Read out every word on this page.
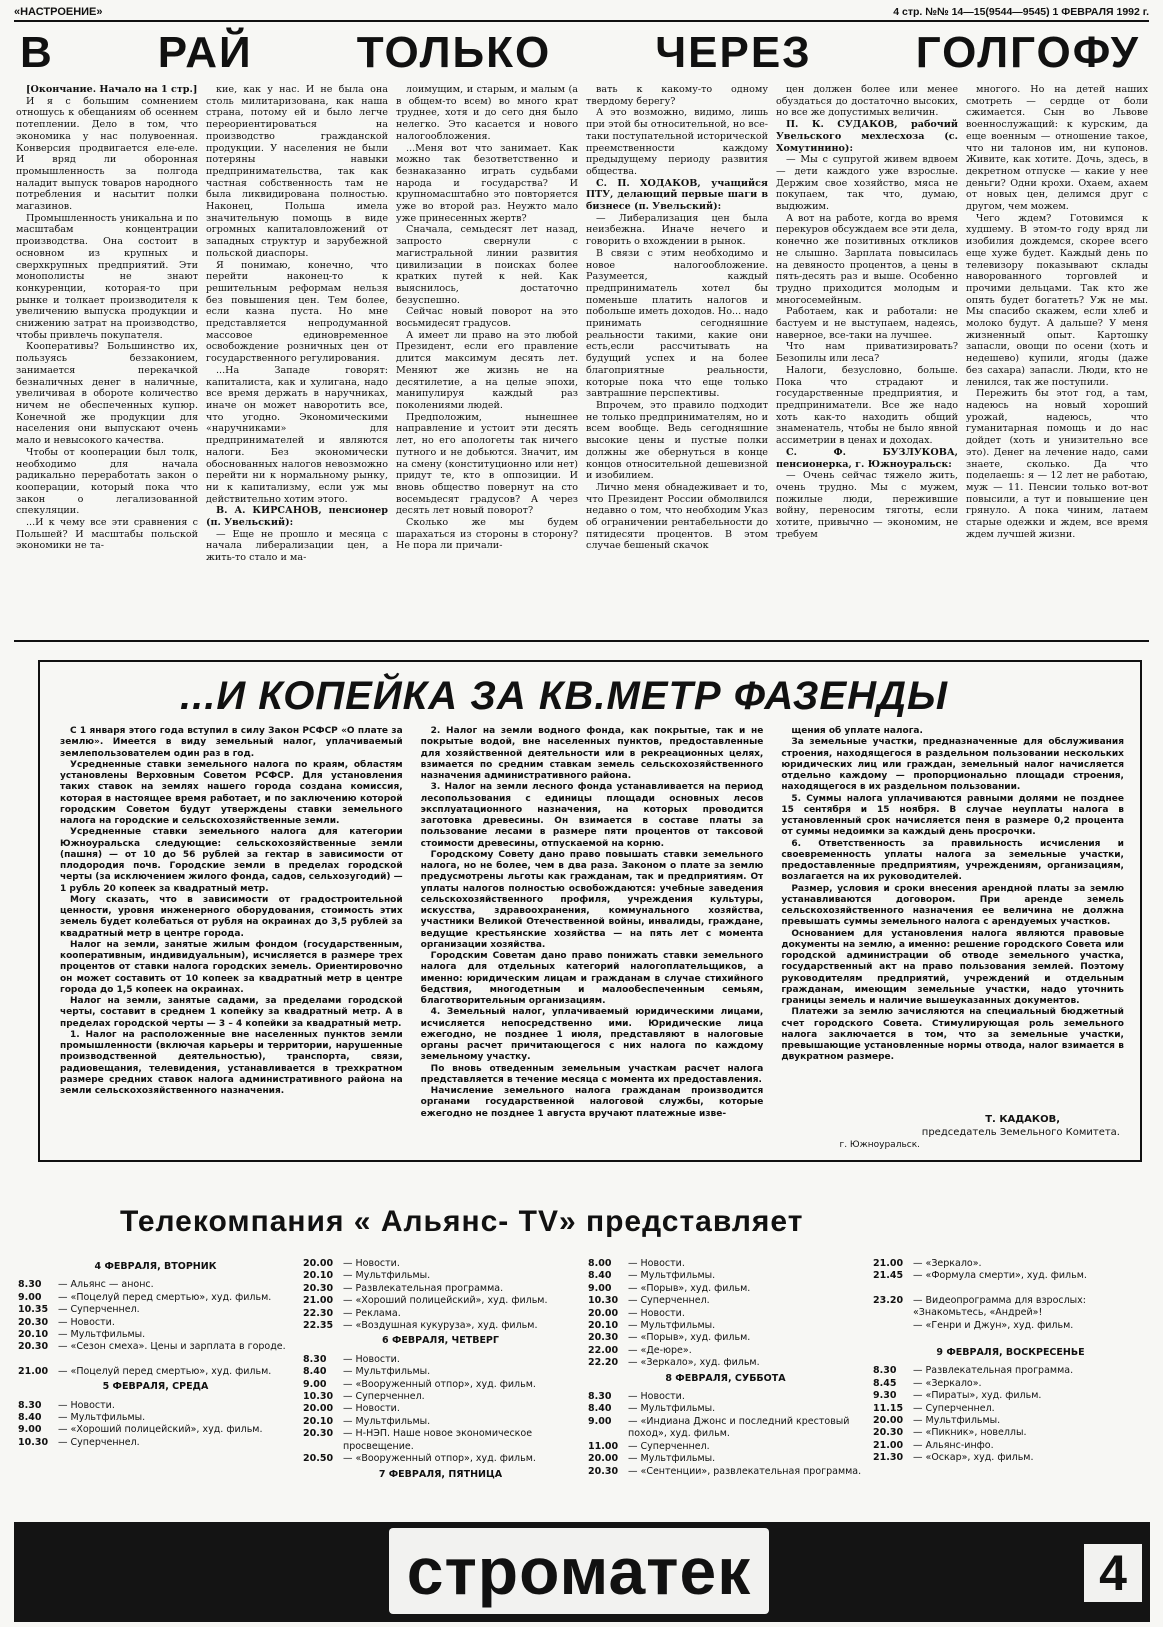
«НАСТРОЕНИЕ»	4 стр. №№ 14—15(9544—9545) 1 ФЕВРАЛЯ 1992 г.
В РАЙ ТОЛЬКО ЧЕРЕЗ ГОЛГОФУ

[Окончание. Начало на 1 стр.]

И я с большим сомнением отношусь к обещаниям об осеннем потеплении. Дело в том, что экономика у нас полувоенная. Конверсия продвигается еле-еле. И вряд ли оборонная промышленность за полгода наладит выпуск товаров народного потребления и насытит полки магазинов.

Промышленность уникальна и по масштабам концентрации производства. Она состоит в основном из крупных и сверхкрупных предприятий. Эти монополисты не знают конкуренции, которая-то при рынке и толкает производителя к увеличению выпуска продукции и снижению затрат на производство, чтобы привлечь покупателя.

Кооперативы? Большинство их, пользуясь беззаконием, занимается перекачкой безналичных денег в наличные, увеличивая в обороте количество ничем не обеспеченных купюр. Конечной же продукции для населения они выпускают очень мало и невысокого качества.

Чтобы от кооперации был толк, необходимо для начала радикально переработать закон о кооперации, который пока что закон о легализованной спекуляции.

...И к чему все эти сравнения с Польшей? И масштабы польской экономики не та-

кие, как у нас. И не была она столь милитаризована, как наша страна, потому ей и было легче переориентироваться на производство гражданской продукции. У населения не были потеряны навыки предпринимательства, так как частная собственность там не была ликвидирована полностью. Наконец, Польша имела значительную помощь в виде огромных капиталовложений от западных структур и зарубежной польской диаспоры.

Я понимаю, конечно, что перейти наконец-то к решительным реформам нельзя без повышения цен. Тем более, если казна пуста. Но мне представляется непродуманной массовое единовременное освобождение розничных цен от государственного регулирования.

...На Западе говорят: капиталиста, как и хулигана, надо все время держать в наручниках, иначе он может наворотить все, что угодно. Экономическими «наручниками» для предпринимателей и являются налоги. Без экономически обоснованных налогов невозможно перейти ни к нормальному рынку, ни к капитализму, если уж мы действительно хотим этого.

В. А. КИРСАНОВ, пенсионер (п. Увельский):

— Еще не прошло и месяца с начала либерализации цен, а жить-то стало и ма-

лоимущим, и старым, и малым (а в общем-то всем) во много крат труднее, хотя и до сего дня было нелегко. Это касается и нового налогообложения.

...Меня вот что занимает. Как можно так безответственно и безнаказанно играть судьбами народа и государства? И крупномасштабно это повторяется уже во второй раз. Неужто мало уже принесенных жертв?

Сначала, семьдесят лет назад, запросто свернули с магистральной линии развития цивилизации в поисках более кратких путей к ней. Как выяснилось, достаточно безуспешно.

Сейчас новый поворот на это восьмидесят градусов.

А имеет ли право на это любой Президент, если его правление длится максимум десять лет. Меняют же жизнь не на десятилетие, а на целые эпохи, манипулируя каждый раз поколениями людей.

Предположим, нынешнее направление и устоит эти десять лет, но его апологеты так ничего путного и не добьются. Значит, им на смену (конституционно или нет) придут те, кто в оппозиции. И вновь общество повернут на сто восемьдесят градусов? А через десять лет новый поворот?

Сколько же мы будем шарахаться из стороны в сторону? Не пора ли причали-

вать к какому-то одному твердому берегу?

А это возможно, видимо, лишь при этой бы относительной, но все-таки поступательной исторической преемственности каждому предыдущему периоду развития общества.

С. П. ХОДАКОВ, учащийся ПТУ, делающий первые шаги в бизнесе (п. Увельский):

— Либерализация цен была неизбежна. Иначе нечего и говорить о вхождении в рынок.

В связи с этим необходимо и новое налогообложение. Разумеется, каждый предприниматель хотел бы поменьше платить налогов и побольше иметь доходов. Но... надо принимать сегодняшние реальности такими, какие они есть,если рассчитывать на будущий успех и на более благоприятные реальности, которые пока что еще только завтрашние перспективы.

Впрочем, это правило подходит не только предпринимателям, но и всем вообще. Ведь сегодняшние высокие цены и пустые полки должны же обернуться в конце концов относительной дешевизной и изобилием.

Лично меня обнадеживает и то, что Президент России обмолвился недавно о том, что необходим Указ об ограничении рентабельности до пятидесяти процентов. В этом случае бешеный скачок

цен должен более или менее обуздаться до достаточно высоких, но все же допустимых величин.

П. К. СУДАКОВ, рабочий Увельского мехлесхоза (с. Хомутинино):

— Мы с супругой живем вдвоем — дети каждого уже взрослые. Держим свое хозяйство, мяса не покупаем, так что, думаю, выдюжим.

А вот на работе, когда во время перекуров обсуждаем все эти дела, конечно же позитивных откликов не слышно. Зарплата повысилась на девяносто процентов, а цены в пять-десять раз и выше. Особенно трудно приходится молодым и многосемейным.

Работаем, как и работали: не бастуем и не выступаем, надеясь, наверное, все-таки на лучшее.

Что нам приватизировать? Безопилы или леса?

Налоги, безусловно, больше. Пока что страдают и государственные предприятия, и предприниматели. Все же надо хоть как-то находить общий знаменатель, чтобы не было явной ассиметрии в ценах и доходах.

С. Ф. БУЗЛУКОВА, пенсионерка, г. Южноуральск:

— Очень сейчас тяжело жить, очень трудно. Мы с мужем, пожилые люди, пережившие войну, переносим тяготы, если хотите, привычно — экономим, не требуем

многого. Но на детей наших смотреть — сердце от боли сжимается. Сын во Львове военнослужащий: к курским, да еще военным — отношение такое, что ни талонов им, ни купонов. Живите, как хотите. Дочь, здесь, в декретном отпуске — какие у нее деньги? Одни крохи. Охаем, ахаем от новых цен, делимся друг с другом, чем можем.

Чего ждем? Готовимся к худшему. В этом-то году вряд ли изобилия дождемся, скорее всего еще хуже будет. Каждый день по телевизору показывают склады наворованного торговлей и прочими дельцами. Так кто же опять будет богатеть? Уж не мы. Мы спасибо скажем, если хлеб и молоко будут. А дальше? У меня жизненный опыт. Картошку запасли, овощи по осени (хоть и недешево) купили, ягоды (даже без сахара) запасли. Люди, кто не ленился, так же поступили.

Пережить бы этот год, а там, надеюсь на новый хороший урожай, надеюсь, что гуманитарная помощь и до нас дойдет (хоть и унизительно все это). Денег на лечение надо, сами знаете, сколько. Да что поделаешь: я — 12 лет не работаю, муж — 11. Пенсии только вот-вот повысили, а тут и повышение цен грянуло. А пока чиним, латаем старые одежки и ждем, все время ждем лучшей жизни.

...И КОПЕЙКА ЗА КВ.МЕТР ФАЗЕНДЫ

С 1 января этого года вступил в силу Закон РСФСР «О плате за землю». Имеется в виду земельный налог, уплачиваемый землепользователем один раз в год.

Усредненные ставки земельного налога по краям, областям установлены Верховным Советом РСФСР. Для установления таких ставок на землях нашего города создана комиссия, которая в настоящее время работает, и по заключению которой городским Советом будут утверждены ставки земельного налога на городские и сельскохозяйственные земли.

Усредненные ставки земельного налога для категории Южноуральска следующие: сельскохозяйственные земли (пашня) — от 10 до 56 рублей за гектар в зависимости от плодородия почв. Городские земли в пределах городской черты (за исключением жилого фонда, садов, сельхозугодий) — 1 рубль 20 копеек за квадратный метр.

Могу сказать, что в зависимости от градостроительной ценности, уровня инженерного оборудования, стоимость этих земель будет колебаться от рубля на окраинах до 3,5 рублей за квадратный метр в центре города.

Налог на земли, занятые жилым фондом (государственным, кооперативным, индивидуальным), исчисляется в размере трех процентов от ставки налога городских земель. Ориентировочно он может составить от 10 копеек за квадратный метр в центре города до 1,5 копеек на окраинах.

Налог на земли, занятые садами, за пределами городской черты, составит в среднем 1 копейку за квадратный метр. А в пределах городской черты — 3 – 4 копейки за квадратный метр.

1. Налог на расположенные вне населенных пунктов земли промышленности (включая карьеры и территории, нарушенные производственной деятельностью), транспорта, связи, радиовещания, телевидения, устанавливается в трехкратном размере средних ставок налога административного района на земли сельскохозяйственного назначения.

2. Налог на земли водного фонда, как покрытые, так и не покрытые водой, вне населенных пунктов, предоставленные для хозяйственной деятельности или в рекреационных целях, взимается по средним ставкам земель сельскохозяйственного назначения административного района.

3. Налог на земли лесного фонда устанавливается на период лесопользования с единицы площади основных лесов эксплуатационного назначения, на которых проводится заготовка древесины. Он взимается в составе платы за пользование лесами в размере пяти процентов от таксовой стоимости древесины, отпускаемой на корню.

Городскому Совету дано право повышать ставки земельного налога, но не более, чем в два раза. Законом о плате за землю предусмотрены льготы как гражданам, так и предприятиям. От уплаты налогов полностью освобождаются: учебные заведения сельскохозяйственного профиля, учреждения культуры, искусства, здравоохранения, коммунального хозяйства, участники Великой Отечественной войны, инвалиды, граждане, ведущие крестьянские хозяйства — на пять лет с момента организации хозяйства.

Городским Советам дано право понижать ставки земельного налога для отдельных категорий налогоплательщиков, а именно: юридическим лицам и гражданам в случае стихийного бедствия, многодетным и малообеспеченным семьям, благотворительным организациям.

4. Земельный налог, уплачиваемый юридическими лицами, исчисляется непосредственно ими. Юридические лица ежегодно, не позднее 1 июля, представляют в налоговые органы расчет причитающегося с них налога по каждому земельному участку.

По вновь отведенным земельным участкам расчет налога представляется в течение месяца с момента их предоставления.

Начисление земельного налога гражданам производится органами государственной налоговой службы, которые ежегодно не позднее 1 августа вручают платежные изве-

щения об уплате налога.

За земельные участки, предназначенные для обслуживания строения, находящегося в раздельном пользовании нескольких юридических лиц или граждан, земельный налог начисляется отдельно каждому — пропорционально площади строения, находящегося в их раздельном пользовании.

5. Суммы налога уплачиваются равными долями не позднее 15 сентября и 15 ноября. В случае неуплаты налога в установленный срок начисляется пеня в размере 0,2 процента от суммы недоимки за каждый день просрочки.

6. Ответственность за правильность исчисления и своевременность уплаты налога за земельные участки, предоставленные предприятиям, учреждениям, организациям, возлагается на их руководителей.

Размер, условия и сроки внесения арендной платы за землю устанавливаются договором. При аренде земель сельскохозяйственного назначения ее величина не должна превышать суммы земельного налога с арендуемых участков.

Основанием для установления налога являются правовые документы на землю, а именно: решение городского Совета или городской администрации об отводе земельного участка, государственный акт на право пользования землей. Поэтому руководителям предприятий, учреждений и отдельным гражданам, имеющим земельные участки, надо уточнить границы земель и наличие вышеуказанных документов.

Платежи за землю зачисляются на специальный бюджетный счет городского Совета. Стимулирующая роль земельного налога заключается в том, что за земельные участки, превышающие установленные нормы отвода, налог взимается в двукратном размере.

Т. КАДАКОВ,
председатель Земельного Комитета.
г. Южноуральск.
Телекомпания « Альянс- TV» представляет
4 ФЕВРАЛЯ, ВТОРНИК
8.30	— Альянс — анонс.
9.00	— «Поцелуй перед смертью», худ. фильм.
10.35	— Суперченнел.
20.30	— Новости.
20.10	— Мультфильмы.
20.30	— «Сезон смеха». Цены и зарплата в городе.
21.00	— «Поцелуй перед смертью», худ. фильм.
5 ФЕВРАЛЯ, СРЕДА
8.30	— Новости.
8.40	— Мультфильмы.
9.00	— «Хороший полицейский», худ. фильм.
10.30	— Суперченнел.
20.00	— Новости.
20.10	— Мультфильмы.
20.30	— Развлекательная программа.
21.00	— «Хороший полицейский», худ. фильм.
22.30	— Реклама.
22.35	— «Воздушная кукуруза», худ. фильм.
6 ФЕВРАЛЯ, ЧЕТВЕРГ
8.30	— Новости.
8.40	— Мультфильмы.
9.00	— «Вооруженный отпор», худ. фильм.
10.30	— Суперченнел.
20.00	— Новости.
20.10	— Мультфильмы.
20.30	— Н-НЭП. Наше новое экономическое просвещение.
20.50	— «Вооруженный отпор», худ. фильм.
7 ФЕВРАЛЯ, ПЯТНИЦА
8.00	— Новости.
8.40	— Мультфильмы.
9.00	— «Порыв», худ. фильм.
10.30	— Суперченнел.
20.00	— Новости.
20.10	— Мультфильмы.
20.30	— «Порыв», худ. фильм.
22.00	— «Де-юре».
22.20	— «Зеркало», худ. фильм.
8 ФЕВРАЛЯ, СУББОТА
8.30	— Новости.
8.40	— Мультфильмы.
9.00	— «Индиана Джонс и последний крестовый поход», худ. фильм.
11.00	— Суперченнел.
20.00	— Мультфильмы.
20.30	— «Сентенции», развлекательная программа.
21.00	— «Зеркало».
21.45	— «Формула смерти», худ. фильм.
23.20	— Видеопрограмма для взрослых: «Знакомьтесь, «Андрей»!
— «Генри и Джун», худ. фильм.
9 ФЕВРАЛЯ, ВОСКРЕСЕНЬЕ
8.30	— Развлекательная программа.
8.45	— «Зеркало».
9.30	— «Пираты», худ. фильм.
11.15	— Суперченнел.
20.00	— Мультфильмы.
20.30	— «Пикник», новеллы.
21.00	— Альянс-инфо.
21.30	— «Оскар», худ. фильм.
строматек	4
